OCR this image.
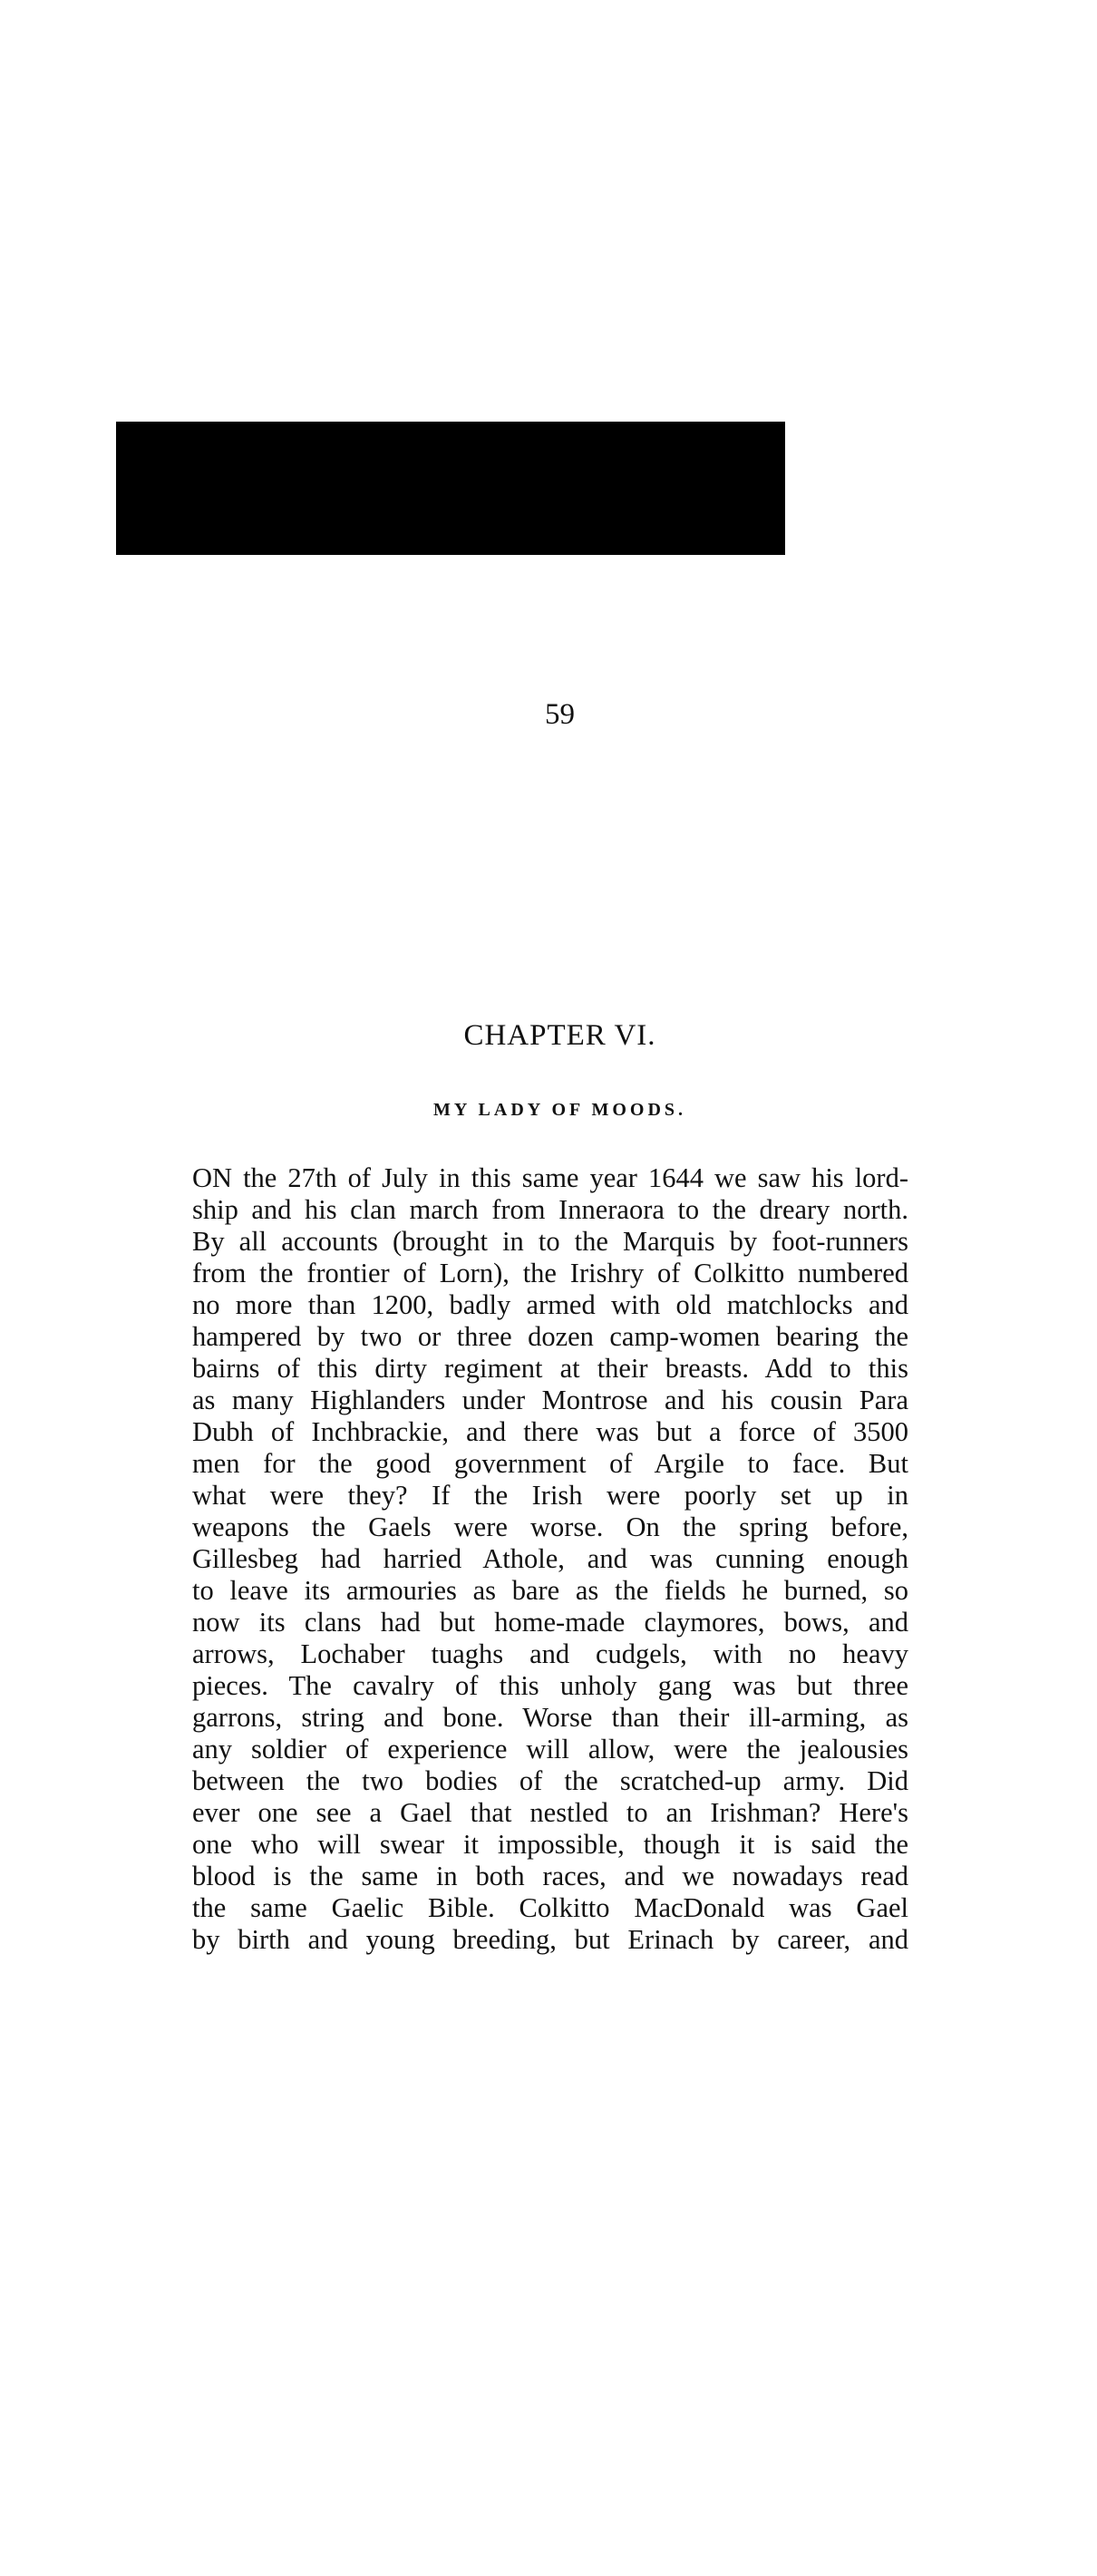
59
CHAPTER VI.
MY LADY OF MOODS.
ON the 27th of July in this same year 1644 we saw his lord-
ship and his clan march from Inneraora to the dreary north.
By all accounts (brought in to the Marquis by foot-runners
from the frontier of Lorn), the Irishry of Colkitto numbered
no more than 1200, badly armed with old matchlocks and
hampered by two or three dozen camp-women bearing the
bairns of this dirty regiment at their breasts. Add to this
as many Highlanders under Montrose and his cousin Para
Dubh of Inchbrackie, and there was but a force of 3500
men for the good government of Argile to face. But
what were they? If the Irish were poorly set up in
weapons the Gaels were worse. On the spring before,
Gillesbeg had harried Athole, and was cunning enough
to leave its armouries as bare as the fields he burned, so
now its clans had but home-made claymores, bows, and
arrows, Lochaber tuaghs and cudgels, with no heavy
pieces. The cavalry of this unholy gang was but three
garrons, string and bone. Worse than their ill-arming, as
any soldier of experience will allow, were the jealousies
between the two bodies of the scratched-up army. Did
ever one see a Gael that nestled to an Irishman? Here's
one who will swear it impossible, though it is said the
blood is the same in both races, and we nowadays read
the same Gaelic Bible. Colkitto MacDonald was Gael
by birth and young breeding, but Erinach by career, and
